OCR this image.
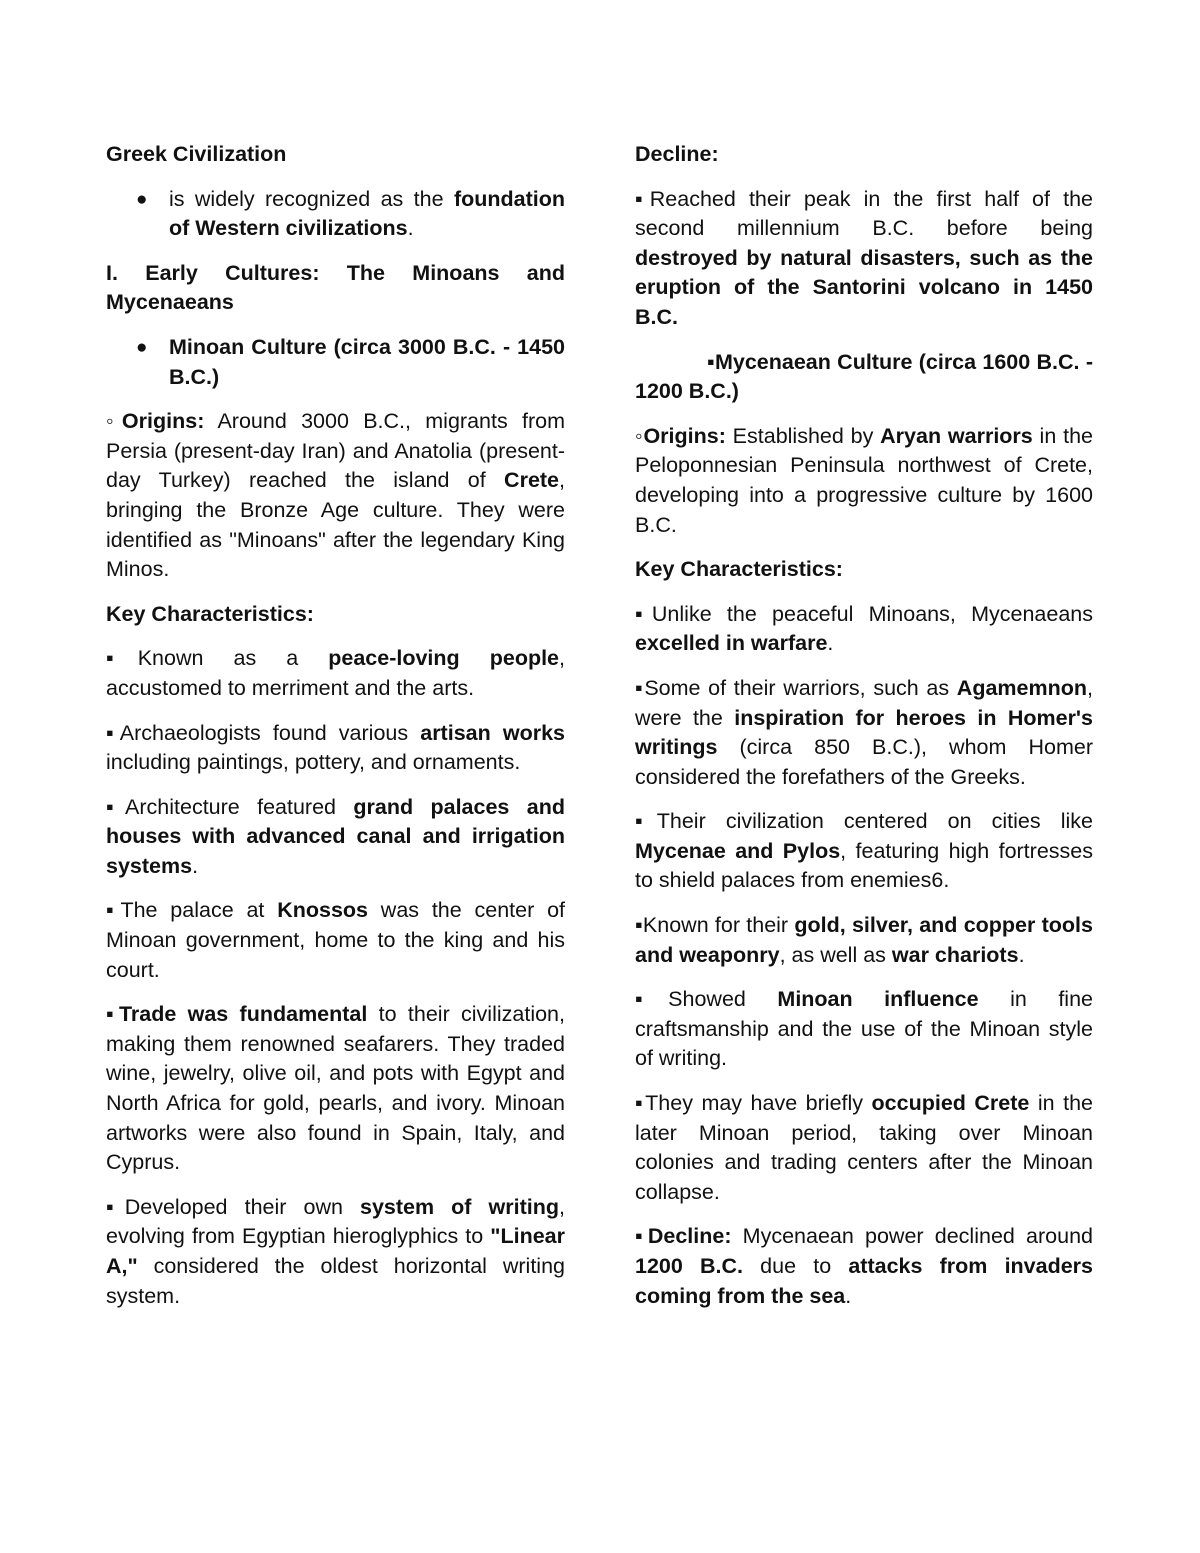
Greek Civilization
● is widely recognized as the foundation of Western civilizations.
I. Early Cultures: The Minoans and Mycenaeans
● Minoan Culture (circa 3000 B.C. - 1450 B.C.)

◦Origins: Around 3000 B.C., migrants from Persia (present-day Iran) and Anatolia (present-day Turkey) reached the island of Crete, bringing the Bronze Age culture. They were identified as "Minoans" after the legendary King Minos.

Key Characteristics:

▪Known as a peace-loving people, accustomed to merriment and the arts.

▪Archaeologists found various artisan works including paintings, pottery, and ornaments.

▪Architecture featured grand palaces and houses with advanced canal and irrigation systems.

▪The palace at Knossos was the center of Minoan government, home to the king and his court.

▪Trade was fundamental to their civilization, making them renowned seafarers. They traded wine, jewelry, olive oil, and pots with Egypt and North Africa for gold, pearls, and ivory. Minoan artworks were also found in Spain, Italy, and Cyprus.

▪Developed their own system of writing, evolving from Egyptian hieroglyphics to "Linear A," considered the oldest horizontal writing system.

Decline:

▪Reached their peak in the first half of the second millennium B.C. before being destroyed by natural disasters, such as the eruption of the Santorini volcano in 1450 B.C.

▪Mycenaean Culture (circa 1600 B.C. - 1200 B.C.)

◦Origins: Established by Aryan warriors in the Peloponnesian Peninsula northwest of Crete, developing into a progressive culture by 1600 B.C.

Key Characteristics:

▪Unlike the peaceful Minoans, Mycenaeans excelled in warfare.

▪Some of their warriors, such as Agamemnon, were the inspiration for heroes in Homer's writings (circa 850 B.C.), whom Homer considered the forefathers of the Greeks.

▪Their civilization centered on cities like Mycenae and Pylos, featuring high fortresses to shield palaces from enemies6.

▪Known for their gold, silver, and copper tools and weaponry, as well as war chariots.

▪Showed Minoan influence in fine craftsmanship and the use of the Minoan style of writing.

▪They may have briefly occupied Crete in the later Minoan period, taking over Minoan colonies and trading centers after the Minoan collapse.

▪Decline: Mycenaean power declined around 1200 B.C. due to attacks from invaders coming from the sea.
